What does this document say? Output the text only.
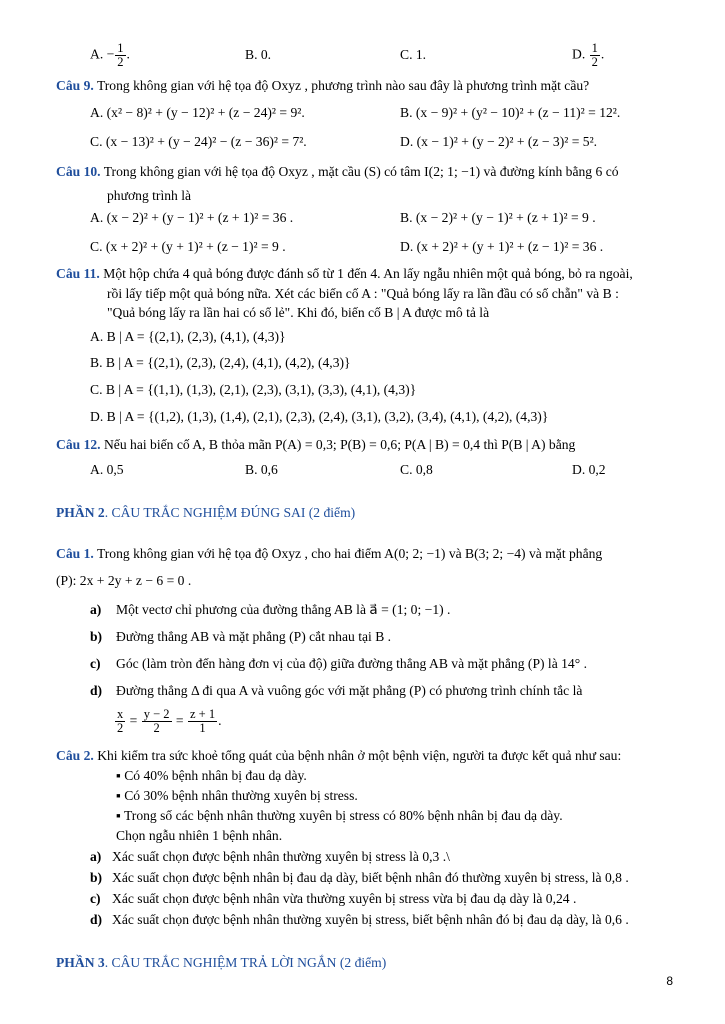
A. − $\frac{1}{2}$ .	B. 0.	C. 1.	D. $\frac{1}{2}$ .
Câu 9. Trong không gian với hệ tọa độ Oxyz , phương trình nào sau đây là phương trình mặt cầu?
A. (x² − 8)² + (y − 12)² + (z − 24)² = 9².	B. (x − 9)² + (y² − 10)² + (z − 11)² = 12².
C. (x − 13)² + (y − 24)² − (z − 36)² = 7².	D. (x − 1)² + (y − 2)² + (z − 3)² = 5².
Câu 10. Trong không gian với hệ tọa độ Oxyz , mặt cầu (S) có tâm I(2; 1; −1) và đường kính bằng 6 có
phương trình là
A. (x − 2)² + (y − 1)² + (z + 1)² = 36 .	B. (x − 2)² + (y − 1)² + (z + 1)² = 9 .
C. (x + 2)² + (y + 1)² + (z − 1)² = 9 .	D. (x + 2)² + (y + 1)² + (z − 1)² = 36 .
Câu 11. Một hộp chứa 4 quả bóng được đánh số từ 1 đến 4. An lấy ngẫu nhiên một quả bóng, bỏ ra ngoài,
rồi lấy tiếp một quả bóng nữa. Xét các biến cố A : "Quả bóng lấy ra lần đầu có số chẵn" và B :
"Quả bóng lấy ra lần hai có số lẻ". Khi đó, biến cố B | A được mô tả là
A. B | A = {(2,1), (2,3), (4,1), (4,3)}
B. B | A = {(2,1), (2,3), (2,4), (4,1), (4,2), (4,3)}
C. B | A = {(1,1), (1,3), (2,1), (2,3), (3,1), (3,3), (4,1), (4,3)}
D. B | A = {(1,2), (1,3), (1,4), (2,1), (2,3), (2,4), (3,1), (3,2), (3,4), (4,1), (4,2), (4,3)}
Câu 12. Nếu hai biến cố A, B thỏa mãn P(A) = 0,3; P(B) = 0,6; P(A | B) = 0,4 thì P(B | A) bằng
A. 0,5	B. 0,6	C. 0,8	D. 0,2
PHẦN 2. CÂU TRẮC NGHIỆM ĐÚNG SAI (2 điểm)
Câu 1. Trong không gian với hệ tọa độ Oxyz , cho hai điểm A(0; 2; −1) và B(3; 2; −4) và mặt phẳng
(P): 2x + 2y + z − 6 = 0 .
a) Một vectơ chỉ phương của đường thẳng AB là a⃗ = (1; 0; −1) .
b) Đường thẳng AB và mặt phẳng (P) cắt nhau tại B .
c) Góc (làm tròn đến hàng đơn vị của độ) giữa đường thẳng AB và mặt phẳng (P) là 14° .
d) Đường thẳng Δ đi qua A và vuông góc với mặt phẳng (P) có phương trình chính tắc là
$\frac{x}{2} = \frac{y - 2}{2} = \frac{z + 1}{1}$ .
Câu 2. Khi kiểm tra sức khoẻ tổng quát của bệnh nhân ở một bệnh viện, người ta được kết quả như sau:
▪ Có 40% bệnh nhân bị đau dạ dày.
▪ Có 30% bệnh nhân thường xuyên bị stress.
▪ Trong số các bệnh nhân thường xuyên bị stress có 80% bệnh nhân bị đau dạ dày.
Chọn ngẫu nhiên 1 bệnh nhân.
a) Xác suất chọn được bệnh nhân thường xuyên bị stress là 0,3 .\
b) Xác suất chọn được bệnh nhân bị đau dạ dày, biết bệnh nhân đó thường xuyên bị stress, là 0,8 .
c) Xác suất chọn được bệnh nhân vừa thường xuyên bị stress vừa bị đau dạ dày là 0,24 .
d) Xác suất chọn được bệnh nhân thường xuyên bị stress, biết bệnh nhân đó bị đau dạ dày, là 0,6 .
PHẦN 3. CÂU TRẮC NGHIỆM TRẢ LỜI NGẮN (2 điểm)
8
